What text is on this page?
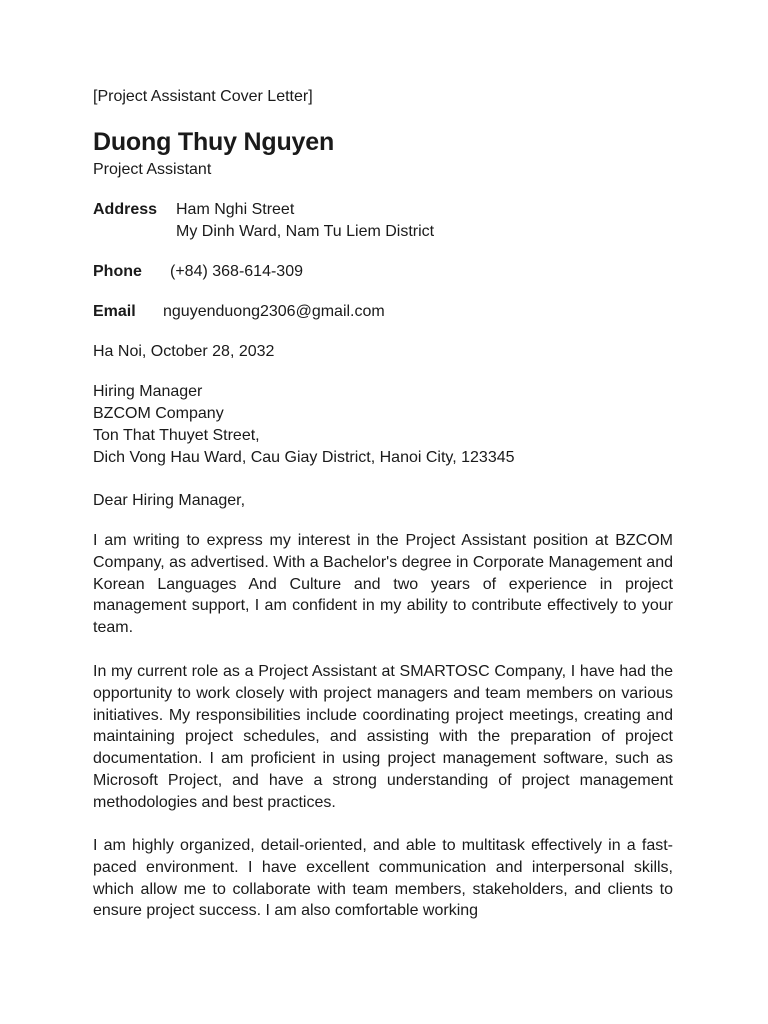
[Project Assistant Cover Letter]
Duong Thuy Nguyen
Project Assistant
Address	Ham Nghi Street
My Dinh Ward, Nam Tu Liem District
Phone	(+84) 368-614-309
Email	nguyenduong2306@gmail.com
Ha Noi, October 28, 2032
Hiring Manager
BZCOM Company
Ton That Thuyet Street,
Dich Vong Hau Ward, Cau Giay District, Hanoi City, 123345
Dear Hiring Manager,

I am writing to express my interest in the Project Assistant position at BZCOM Company, as advertised. With a Bachelor's degree in Corporate Management and Korean Languages And Culture and two years of experience in project management support, I am confident in my ability to contribute effectively to your team.

In my current role as a Project Assistant at SMARTOSC Company, I have had the opportunity to work closely with project managers and team members on various initiatives. My responsibilities include coordinating project meetings, creating and maintaining project schedules, and assisting with the preparation of project documentation. I am proficient in using project management software, such as Microsoft Project, and have a strong understanding of project management methodologies and best practices.

I am highly organized, detail-oriented, and able to multitask effectively in a fast-paced environment. I have excellent communication and interpersonal skills, which allow me to collaborate with team members, stakeholders, and clients to ensure project success. I am also comfortable working
